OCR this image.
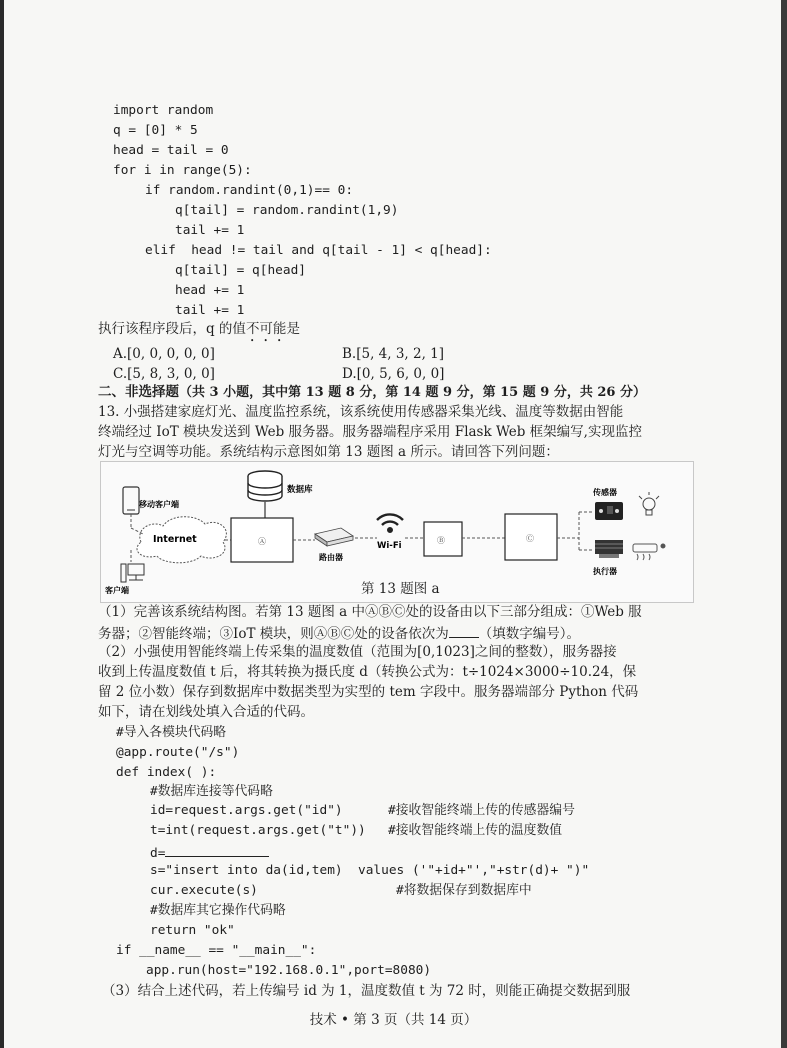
import random
q = [0] * 5
head = tail = 0
for i in range(5):
if random.randint(0,1)== 0:
q[tail] = random.randint(1,9)
tail += 1
elif  head != tail and q[tail - 1] < q[head]:
q[tail] = q[head]
head += 1
tail += 1
执行该程序段后，q 的值不可能是
A.[0, 0, 0, 0, 0]	B.[5, 4, 3, 2, 1]
C.[5, 8, 3, 0, 0]	D.[0, 5, 6, 0, 0]
二、非选择题（共 3 小题，其中第 13 题 8 分，第 14 题 9 分，第 15 题 9 分，共 26 分）
13. 小强搭建家庭灯光、温度监控系统，该系统使用传感器采集光线、温度等数据由智能
终端经过 IoT 模块发送到 Web 服务器。服务器端程序采用 Flask Web 框架编写,实现监控
灯光与空调等功能。系统结构示意图如第 13 题图 a 所示。请回答下列问题：
移动客户端
Internet
客户端
数据库
Ⓐ
路由器
Wi-Fi
Ⓑ	Ⓒ
传感器
执行器
第 13 题图 a
（1）完善该系统结构图。若第 13 题图 a 中ⒶⒷⒸ处的设备由以下三部分组成：①Web 服
务器；②智能终端；③IoT 模块，则ⒶⒷⒸ处的设备依次为 （填数字编号）。
（2）小强使用智能终端上传采集的温度数值（范围为[0,1023]之间的整数），服务器接
收到上传温度数值 t 后，将其转换为摄氏度 d（转换公式为：t÷1024×3000÷10.24，保
留 2 位小数）保存到数据库中数据类型为实型的 tem 字段中。服务器端部分 Python 代码
如下，请在划线处填入合适的代码。
#导入各模块代码略
@app.route("/s")
def index( ):
#数据库连接等代码略
id=request.args.get("id")	#接收智能终端上传的传感器编号
t=int(request.args.get("t")) #接收智能终端上传的温度数值
d=
s="insert into da(id,tem)  values ('"+id+"',"+str(d)+ ")"
cur.execute(s)	#将数据保存到数据库中
#数据库其它操作代码略
return "ok"
if __name__ == "__main__":
app.run(host="192.168.0.1",port=8080)
（3）结合上述代码，若上传编号 id 为 1，温度数值 t 为 72 时，则能正确提交数据到服
技术 • 第 3 页（共 14 页）
